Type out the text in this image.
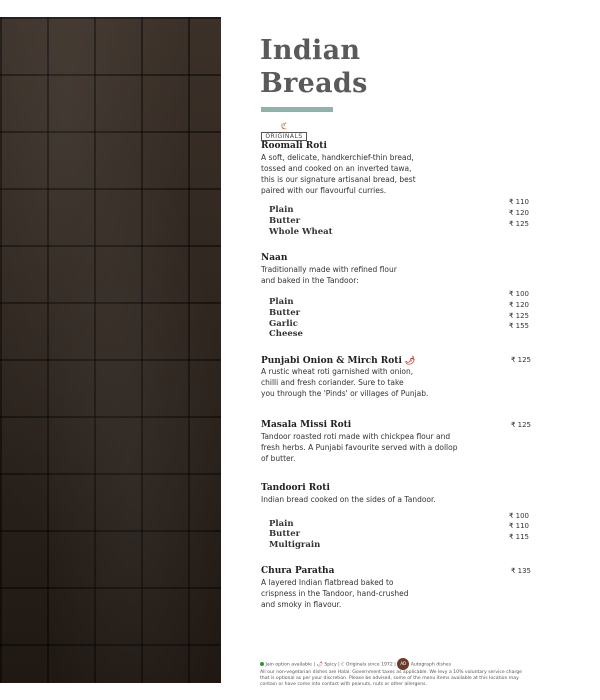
Indian
Breads
ℭ
ORIGINALS
Roomali Roti
A soft, delicate, handkerchief-thin bread,
tossed and cooked on an inverted tawa,
this is our signature artisanal bread, best
paired with our flavourful curries.
Plain
₹ 110
Butter
₹ 120
Whole Wheat
₹ 125
Naan
Traditionally made with refined flour
and baked in the Tandoor:
Plain
₹ 100
Butter
₹ 120
Garlic
₹ 125
Cheese
₹ 155
Punjabi Onion & Mirch Roti 🌶	₹ 125
A rustic wheat roti garnished with onion,
chilli and fresh coriander. Sure to take
you through the 'Pinds' or villages of Punjab.
Masala Missi Roti	₹ 125
Tandoor roasted roti made with chickpea flour and
fresh herbs. A Punjabi favourite served with a dollop
of butter.
Tandoori Roti
Indian bread cooked on the sides of a Tandoor.
Plain
₹ 100
Butter
₹ 110
Multigrain
₹ 115
Chura Paratha	₹ 135
A layered Indian flatbread baked to
crispness in the Tandoor, hand-crushed
and smoky in flavour.
Jain option available | 🌶 Spicy | ℭ Originals since 1972 | AD Autograph dishes
All our non-vegetarian dishes are Halal. Government taxes as applicable. We levy a 10% voluntary service charge
that is optional as per your discretion. Please be advised, some of the menu items available at this location may
contain or have come into contact with peanuts, nuts or other allergens.
